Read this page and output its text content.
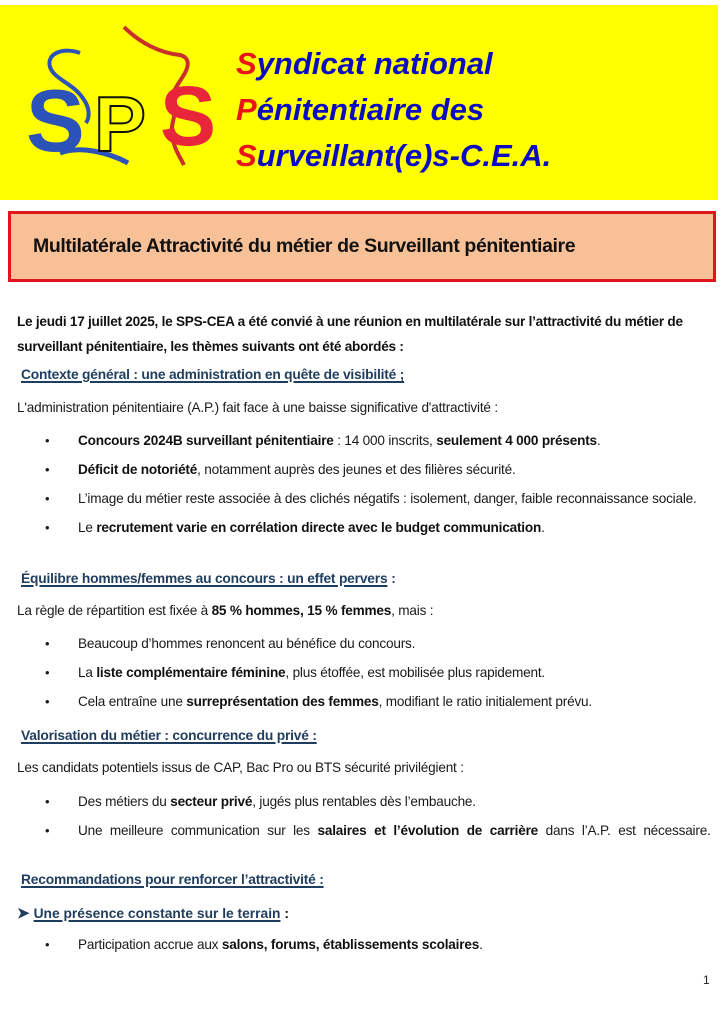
S P S
Syndicat national
Pénitentiaire des
Surveillant(e)s-C.E.A.
Multilatérale Attractivité du métier de Surveillant pénitentiaire
Le jeudi 17 juillet 2025, le SPS-CEA a été convié à une réunion en multilatérale sur l’attractivité du métier de surveillant pénitentiaire, les thèmes suivants ont été abordés :
Contexte général : une administration en quête de visibilité ;
L'administration pénitentiaire (A.P.) fait face à une baisse significative d'attractivité :
• Concours 2024B surveillant pénitentiaire : 14 000 inscrits, seulement 4 000 présents.
• Déficit de notoriété, notamment auprès des jeunes et des filières sécurité.
• L’image du métier reste associée à des clichés négatifs : isolement, danger, faible reconnaissance sociale.
• Le recrutement varie en corrélation directe avec le budget communication.
Équilibre hommes/femmes au concours : un effet pervers :
La règle de répartition est fixée à 85 % hommes, 15 % femmes, mais :
• Beaucoup d’hommes renoncent au bénéfice du concours.
• La liste complémentaire féminine, plus étoffée, est mobilisée plus rapidement.
• Cela entraîne une surreprésentation des femmes, modifiant le ratio initialement prévu.
Valorisation du métier : concurrence du privé :
Les candidats potentiels issus de CAP, Bac Pro ou BTS sécurité privilégient :
• Des métiers du secteur privé, jugés plus rentables dès l’embauche.
• Une meilleure communication sur les salaires et l’évolution de carrière dans l’A.P. est nécessaire.
Recommandations pour renforcer l’attractivité :
➤ Une présence constante sur le terrain :
• Participation accrue aux salons, forums, établissements scolaires.
1
